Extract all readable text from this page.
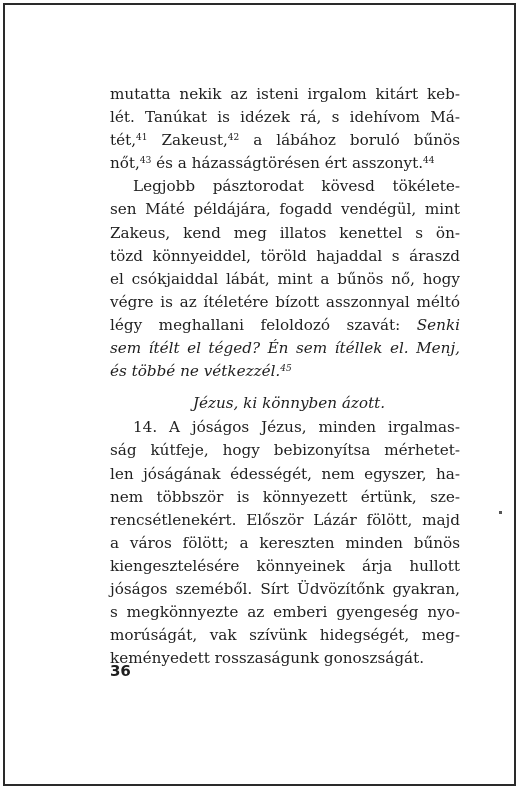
mutatta nekik az isteni irgalom kitárt keb-
lét. Tanúkat is idézek rá, s idehívom Má-
tét,$^{41}$ Zakeust,$^{42}$ a lábához boruló bűnös
nőt,$^{43}$ és a házasságtörésen ért asszonyt.$^{44}$
Legjobb pásztorodat kövesd tökélete-
sen Máté példájára, fogadd vendégül, mint
Zakeus, kend meg illatos kenettel s ön-
tözd könnyeiddel, töröld hajaddal s áraszd
el csókjaiddal lábát, mint a bűnös nő, hogy
végre is az ítéletére bízott asszonnyal méltó
légy meghallani feloldozó szavát: Senki
sem ítélt el téged? Én sem ítéllek el. Menj,
és többé ne vétkezzél.$^{45}$
Jézus, ki könnyben ázott.
14. A jóságos Jézus, minden irgalmas-
ság kútfeje, hogy bebizonyítsa mérhetet-
len jóságának édességét, nem egyszer, ha-
nem többször is könnyezett értünk, sze-
rencsétlenekért. Először Lázár fölött, majd
a város fölött; a kereszten minden bűnös
kiengesztelésére könnyeinek árja hullott
jóságos szeméből. Sírt Üdvözítőnk gyakran,
s megkönnyezte az emberi gyengeség nyo-
morúságát, vak szívünk hidegségét, meg-
keményedett rosszaságunk gonoszságát.
36
